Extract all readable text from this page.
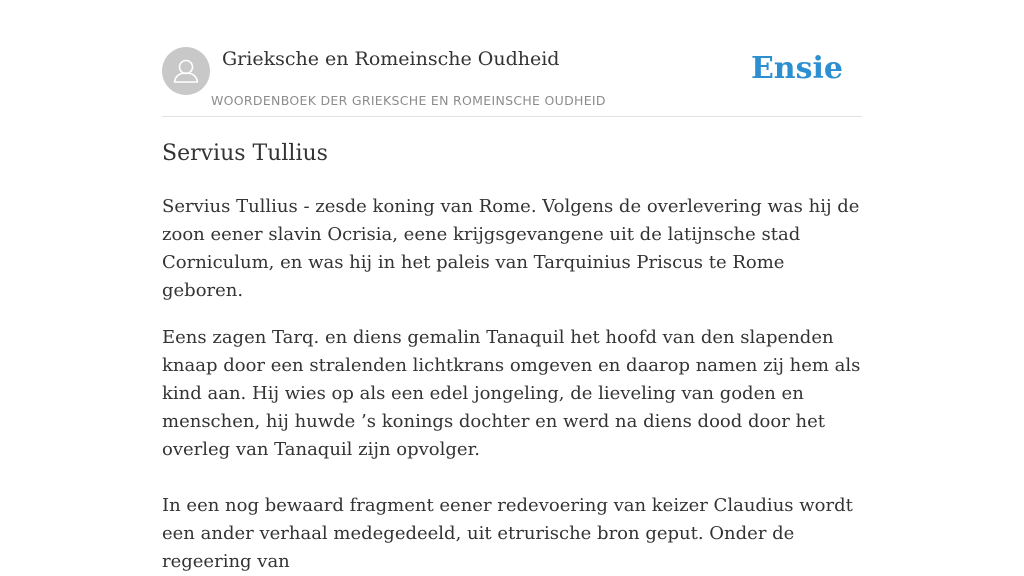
Grieksche en Romeinsche Oudheid
WOORDENBOEK DER GRIEKSCHE EN ROMEINSCHE OUDHEID
Ensie
Servius Tullius

Servius Tullius - zesde koning van Rome. Volgens de overlevering was hij de zoon eener slavin Ocrisia, eene krijgsgevangene uit de latijnsche stad Corniculum, en was hij in het paleis van Tarquinius Priscus te Rome geboren.

Eens zagen Tarq. en diens gemalin Tanaquil het hoofd van den slapenden knaap door een stralenden lichtkrans omgeven en daarop namen zij hem als kind aan. Hij wies op als een edel jongeling, de lieveling van goden en menschen, hij huwde ’s konings dochter en werd na diens dood door het overleg van Tanaquil zijn opvolger.

In een nog bewaard fragment eener redevoering van keizer Claudius wordt een ander verhaal medegedeeld, uit etrurische bron geput. Onder de regeering van
